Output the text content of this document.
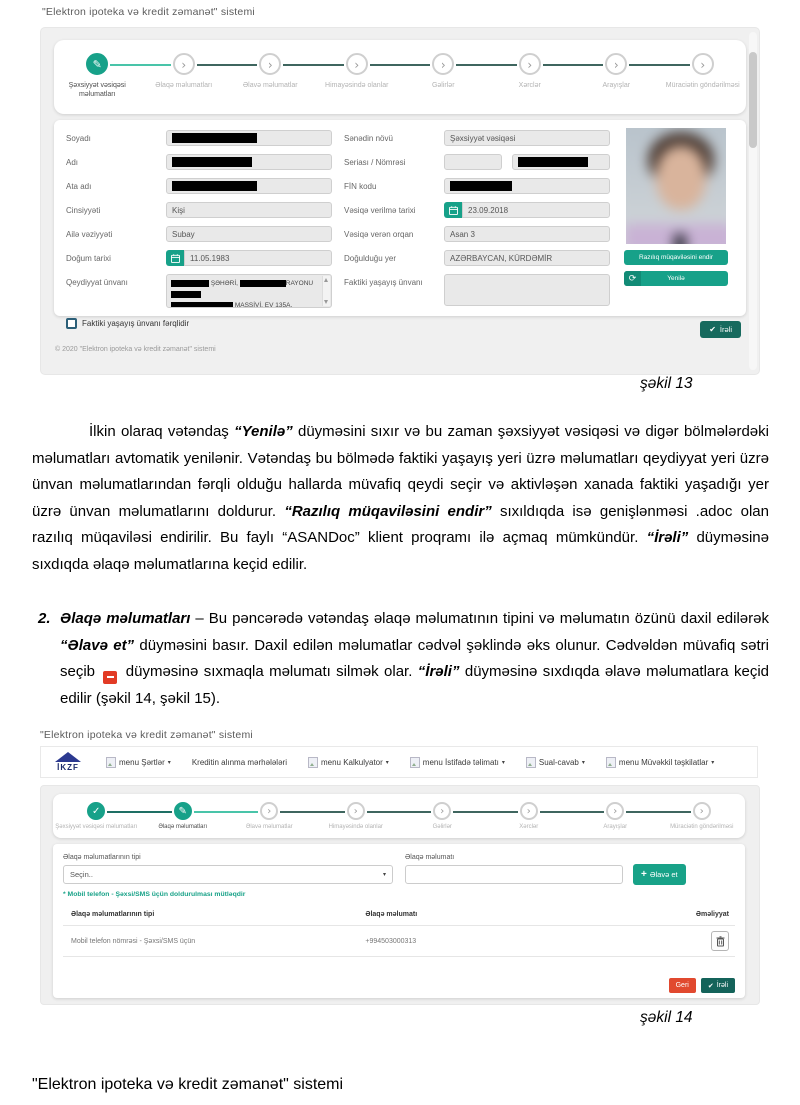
"Elektron ipoteka və kredit zəmanət" sistemi
✎
Şəxsiyyət vəsiqəsi məlumatları
›
Əlaqə məlumatları
›
Əlavə məlumatlar
›
Himayəsində olanlar
›
Gəlirlər
›
Xərclər
›
Arayışlar
›
Müraciətin göndərilməsi
Soyadı
Adı
Ata adı
Cinsiyyəti	Kişi
Ailə vəziyyəti	Subay
Doğum tarixi	11.05.1983
Qeydiyyat ünvanı	ŞƏHƏRİ,	RAYONU
MASSİVİ, EV 135A,
Faktiki yaşayış ünvanı fərqlidir
Sənədin növü	Şəxsiyyət vəsiqəsi
Seriası / Nömrəsi
FİN kodu
Vəsiqə verilmə tarixi	23.09.2018
Vəsiqə verən orqan	Asan 3
Doğulduğu yer	AZƏRBAYCAN, KÜRDƏMİR
Faktiki yaşayış ünvanı
Razılıq müqaviləsini endir
⟳	Yenilə
✔ İrəli
© 2020 "Elektron ipoteka və kredit zəmanət" sistemi
şəkil 13
İlkin olaraq vətəndaş “Yenilə” düyməsini sıxır və bu zaman şəxsiyyət vəsiqəsi və digər bölmələrdəki məlumatları avtomatik yenilənir. Vətəndaş bu bölmədə faktiki yaşayış yeri üzrə məlumatları qeydiyyat yeri üzrə ünvan məlumatlarından fərqli olduğu hallarda müvafiq qeydi seçir və aktivləşən xanada faktiki yaşadığı yer üzrə ünvan məlumatlarını doldurur. “Razılıq müqaviləsini endir” sıxıldıqda isə genişlənməsi .adoc olan razılıq müqaviləsi endirilir. Bu faylı “ASANDoc” klient proqramı ilə açmaq mümkündür. “İrəli” düyməsinə sıxdıqda əlaqə məlumatlarına keçid edilir.
2. Əlaqə məlumatları – Bu pəncərədə vətəndaş əlaqə məlumatının tipini və məlumatın özünü daxil edilərək “Əlavə et” düyməsini basır. Daxil edilən məlumatlar cədvəl şəklində əks olunur. Cədvəldən müvafiq sətri seçib
düyməsinə sıxmaqla məlumatı silmək olar. “İrəli” düyməsinə sıxdıqda əlavə məlumatlara keçid edilir (şəkil 14, şəkil 15).
"Elektron ipoteka və kredit zəmanət" sistemi
İKZF
menu Şərtlər ▾	Kreditin alınma mərhələləri	menu Kalkulyator ▾	menu İstifadə təlimatı ▾	Sual-cavab ▾	menu Müvəkkil təşkilatlar ▾
✓
Şəxsiyyət vəsiqəsi məlumatları
✎
Əlaqə məlumatları
›
Əlavə məlumatlar
›
Himayəsində olanlar
›
Gəlirlər
›
Xərclər
›
Arayışlar
›
Müraciətin göndərilməsi
Əlaqə məlumatlarının tipi
Seçin..	▾
Əlaqə məlumatı
+ Əlavə et
* Mobil telefon - Şəxsi/SMS üçün doldurulması mütləqdir
Əlaqə məlumatlarının tipi	Əlaqə məlumatı	Əməliyyat
Mobil telefon nömrəsi - Şəxsi/SMS üçün	+994503000313
Geri	✔ İrəli
şəkil 14
"Elektron ipoteka və kredit zəmanət" sistemi
